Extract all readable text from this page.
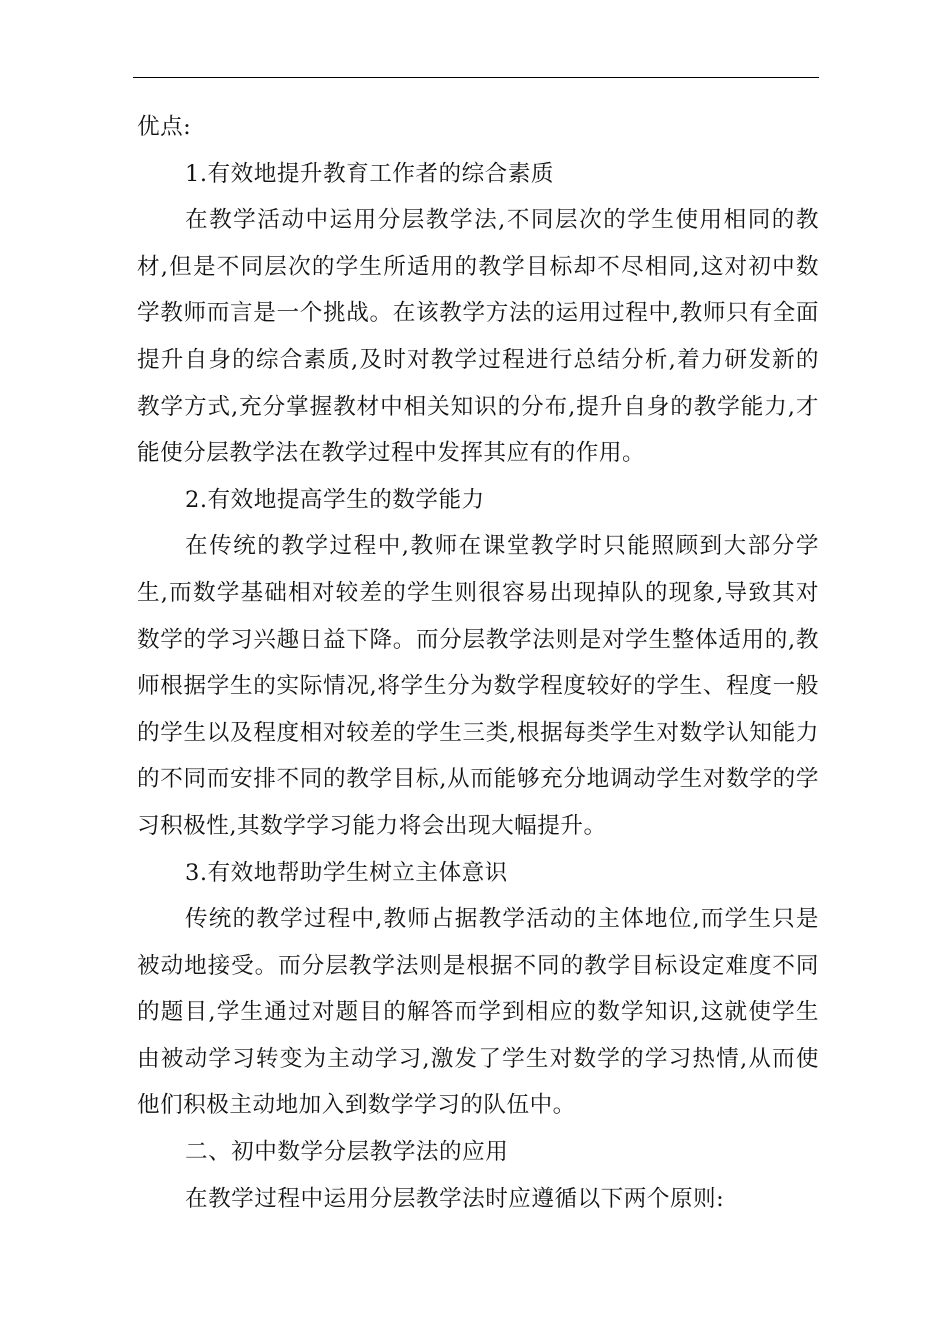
优点:

1.有效地提升教育工作者的综合素质

在教学活动中运用分层教学法,不同层次的学生使用相同的教材,但是不同层次的学生所适用的教学目标却不尽相同,这对初中数学教师而言是一个挑战。在该教学方法的运用过程中,教师只有全面提升自身的综合素质,及时对教学过程进行总结分析,着力研发新的教学方式,充分掌握教材中相关知识的分布,提升自身的教学能力,才能使分层教学法在教学过程中发挥其应有的作用。

2.有效地提高学生的数学能力

在传统的教学过程中,教师在课堂教学时只能照顾到大部分学生,而数学基础相对较差的学生则很容易出现掉队的现象,导致其对数学的学习兴趣日益下降。而分层教学法则是对学生整体适用的,教师根据学生的实际情况,将学生分为数学程度较好的学生、程度一般的学生以及程度相对较差的学生三类,根据每类学生对数学认知能力的不同而安排不同的教学目标,从而能够充分地调动学生对数学的学习积极性,其数学学习能力将会出现大幅提升。

3.有效地帮助学生树立主体意识

传统的教学过程中,教师占据教学活动的主体地位,而学生只是被动地接受。而分层教学法则是根据不同的教学目标设定难度不同的题目,学生通过对题目的解答而学到相应的数学知识,这就使学生由被动学习转变为主动学习,激发了学生对数学的学习热情,从而使他们积极主动地加入到数学学习的队伍中。

二、初中数学分层教学法的应用

在教学过程中运用分层教学法时应遵循以下两个原则:
